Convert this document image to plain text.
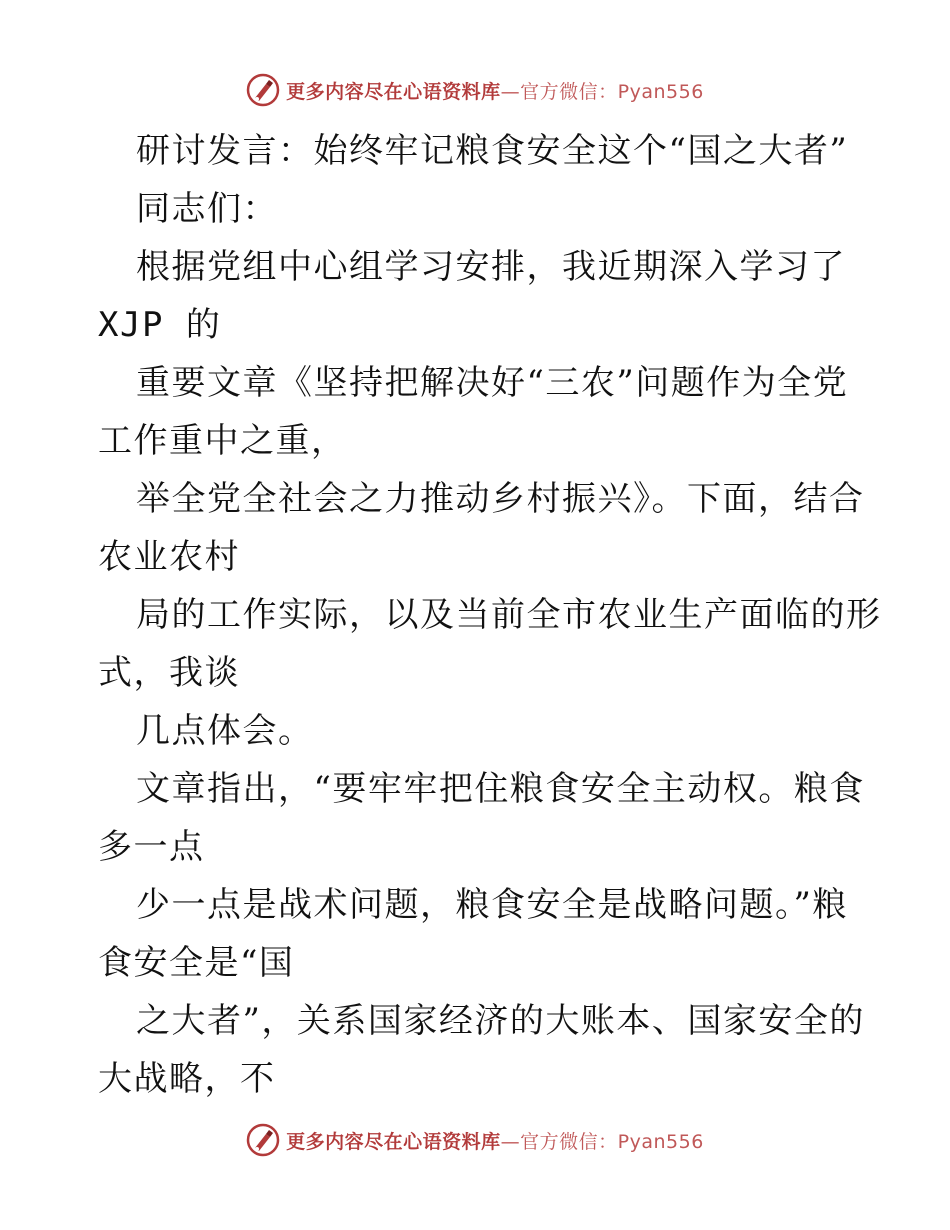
更多内容尽在心语资料库—官方微信：Pyan556
研讨发言：始终牢记粮食安全这个“国之大者”
同志们：
根据党组中心组学习安排，我近期深入学习了
XJP 的
重要文章《坚持把解决好“三农”问题作为全党
工作重中之重，
举全党全社会之力推动乡村振兴》。下面，结合
农业农村
局的工作实际，以及当前全市农业生产面临的形
式，我谈
几点体会。
文章指出，“要牢牢把住粮食安全主动权。粮食
多一点
少一点是战术问题，粮食安全是战略问题。”粮
食安全是“国
之大者”，关系国家经济的大账本、国家安全的
大战略，不
更多内容尽在心语资料库—官方微信：Pyan556
